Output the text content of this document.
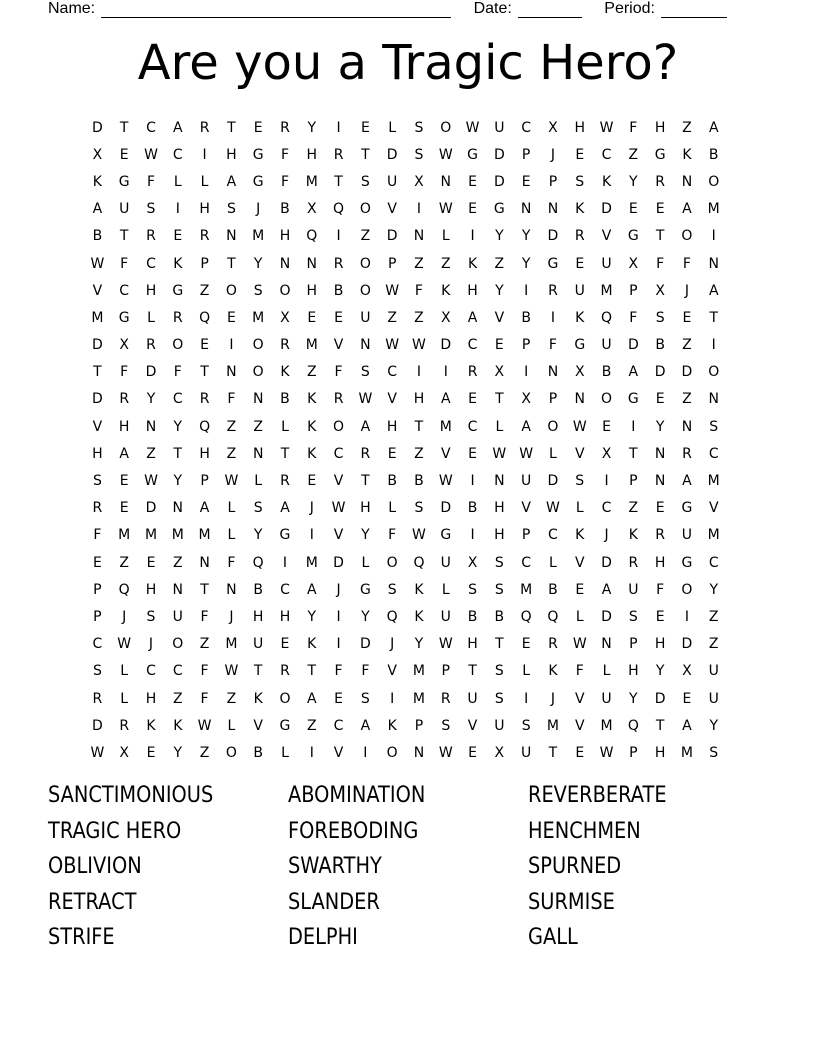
Name:	Date:	Period:
Are you a Tragic Hero?
D	T	C	A	R	T	E	R	Y	I	E	L	S	O	W	U	C	X	H	W	F	H	Z	A
X	E	W	C	I	H	G	F	H	R	T	D	S	W	G	D	P	J	E	C	Z	G	K	B
K	G	F	L	L	A	G	F	M	T	S	U	X	N	E	D	E	P	S	K	Y	R	N	O
A	U	S	I	H	S	J	B	X	Q	O	V	I	W	E	G	N	N	K	D	E	E	A	M
B	T	R	E	R	N	M	H	Q	I	Z	D	N	L	I	Y	Y	D	R	V	G	T	O	I
W	F	C	K	P	T	Y	N	N	R	O	P	Z	Z	K	Z	Y	G	E	U	X	F	F	N
V	C	H	G	Z	O	S	O	H	B	O	W	F	K	H	Y	I	R	U	M	P	X	J	A
M	G	L	R	Q	E	M	X	E	E	U	Z	Z	X	A	V	B	I	K	Q	F	S	E	T
D	X	R	O	E	I	O	R	M	V	N	W W	D	C	E	P	F	G	U	D	B	Z	I
T	F	D	F	T	N	O	K	Z	F	S	C	I	I	R	X	I	N	X	B	A	D	D	O
D	R	Y	C	R	F	N	B	K	R	W	V	H	A	E	T	X	P	N	O	G	E	Z	N
V	H	N	Y	Q	Z	Z	L	K	O	A	H	T	M	C	L	A	O	W	E	I	Y	N	S
H	A	Z	T	H	Z	N	T	K	C	R	E	Z	V	E	W W	L	V	X	T	N	R	C
S	E	W	Y	P	W	L	R	E	V	T	B	B	W	I	N	U	D	S	I	P	N	A	M
R	E	D	N	A	L	S	A	J	W	H	L	S	D	B	H	V	W	L	C	Z	E	G	V
F	M	M	M	M	L	Y	G	I	V	Y	F	W	G	I	H	P	C	K	J	K	R	U	M
E	Z	E	Z	N	F	Q	I	M	D	L	O	Q	U	X	S	C	L	V	D	R	H	G	C
P	Q	H	N	T	N	B	C	A	J	G	S	K	L	S	S	M	B	E	A	U	F	O	Y
P	J	S	U	F	J	H	H	Y	I	Y	Q	K	U	B	B	Q	Q	L	D	S	E	I	Z
C	W	J	O	Z	M	U	E	K	I	D	J	Y	W	H	T	E	R	W	N	P	H	D	Z
S	L	C	C	F	W	T	R	T	F	F	V	M	P	T	S	L	K	F	L	H	Y	X	U
R	L	H	Z	F	Z	K	O	A	E	S	I	M	R	U	S	I	J	V	U	Y	D	E	U
D	R	K	K	W	L	V	G	Z	C	A	K	P	S	V	U	S	M	V	M	Q	T	A	Y
W	X	E	Y	Z	O	B	L	I	V	I	O	N	W	E	X	U	T	E	W	P	H	M	S
SANCTIMONIOUS	ABOMINATION	REVERBERATE
TRAGIC HERO	FOREBODING	HENCHMEN
OBLIVION	SWARTHY	SPURNED
RETRACT	SLANDER	SURMISE
STRIFE	DELPHI	GALL
